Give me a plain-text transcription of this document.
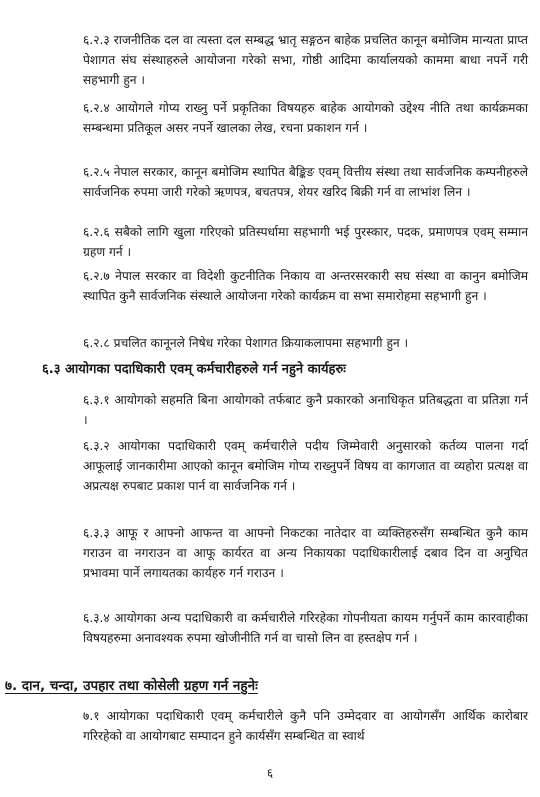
६.२.३ राजनीतिक दल वा त्यस्ता दल सम्बद्ध भ्रातृ सङ्गठन बाहेक प्रचलित कानून बमोजिम मान्यता प्राप्त पेशागत संघ संस्थाहरुले आयोजना गरेको सभा, गोष्ठी आदिमा कार्यालयको काममा बाधा नपर्ने गरी सहभागी हुन ।
६.२.४ आयोगले गोप्य राख्नु पर्ने प्रकृतिका विषयहरु बाहेक आयोगको उद्देश्य नीति तथा कार्यक्रमका सम्बन्धमा प्रतिकूल असर नपर्ने खालका लेख, रचना प्रकाशन गर्न ।
६.२.५ नेपाल सरकार, कानून बमोजिम स्थापित बैङ्किङ एवम् वित्तीय संस्था तथा सार्वजनिक कम्पनीहरुले सार्वजनिक रुपमा जारी गरेको ऋणपत्र, बचतपत्र, शेयर खरिद बिक्री गर्न वा लाभांश लिन ।
६.२.६ सबैको लागि खुला गरिएको प्रतिस्पर्धामा सहभागी भई पुरस्कार, पदक, प्रमाणपत्र एवम् सम्मान ग्रहण गर्न ।
६.२.७ नेपाल सरकार वा विदेशी कुटनीतिक निकाय वा अन्तरसरकारी सघ संस्था वा कानुन बमोजिम स्थापित कुनै सार्वजनिक संस्थाले आयोजना गरेको कार्यक्रम वा सभा समारोहमा सहभागी हुन ।
६.२.८ प्रचलित कानूनले निषेध गरेका पेशागत क्रियाकलापमा सहभागी हुन ।
६.३ आयोगका पदाधिकारी एवम् कर्मचारीहरुले गर्न नहुने कार्यहरुः
६.३.१ आयोगको सहमति बिना आयोगको तर्फबाट कुनै प्रकारको अनाधिकृत प्रतिबद्धता वा प्रतिज्ञा गर्न ।
६.३.२ आयोगका पदाधिकारी एवम् कर्मचारीले पदीय जिम्मेवारी अनुसारको कर्तव्य पालना गर्दा आफूलाई जानकारीमा आएको कानून बमोजिम गोप्य राख्नुपर्ने विषय वा कागजात वा व्यहोरा प्रत्यक्ष वा अप्रत्यक्ष रुपबाट प्रकाश पार्न वा सार्वजनिक गर्न ।
६.३.३ आफू र आफ्नो आफन्त वा आफ्नो निकटका नातेदार वा व्यक्तिहरुसँग सम्बन्धित कुनै काम गराउन वा नगराउन वा आफू कार्यरत वा अन्य निकायका पदाधिकारीलाई दबाव दिन वा अनुचित प्रभावमा पार्ने लगायतका कार्यहरु गर्न गराउन ।
६.३.४ आयोगका अन्य पदाधिकारी वा कर्मचारीले गरिरहेका गोपनीयता कायम गर्नुपर्ने काम कारवाहीका विषयहरुमा अनावश्यक रुपमा खोजीनीति गर्न वा चासो लिन वा हस्तक्षेप गर्न ।
७. दान, चन्दा, उपहार तथा कोसेली ग्रहण गर्न नहुनेः
७.१ आयोगका पदाधिकारी एवम् कर्मचारीले कुनै पनि उम्मेदवार वा आयोगसँग आर्थिक कारोबार गरिरहेको वा आयोगबाट सम्पादन हुने कार्यसँग सम्बन्धित वा स्वार्थ
६
